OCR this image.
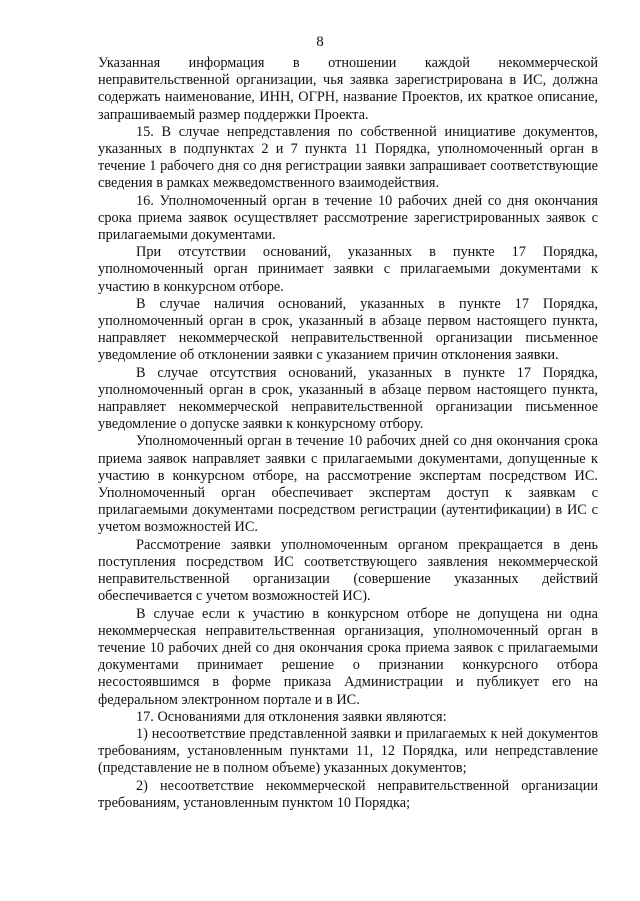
8

Указанная информация в отношении каждой некоммерческой неправительственной организации, чья заявка зарегистрирована в ИС, должна содержать наименование, ИНН, ОГРН, название Проектов, их краткое описание, запрашиваемый размер поддержки Проекта.

15. В случае непредставления по собственной инициативе документов, указанных в подпунктах 2 и 7 пункта 11 Порядка, уполномоченный орган в течение 1 рабочего дня со дня регистрации заявки запрашивает соответствующие сведения в рамках межведомственного взаимодействия.

16. Уполномоченный орган в течение 10 рабочих дней со дня окончания срока приема заявок осуществляет рассмотрение зарегистрированных заявок с прилагаемыми документами.

При отсутствии оснований, указанных в пункте 17 Порядка, уполномоченный орган принимает заявки с прилагаемыми документами к участию в конкурсном отборе.

В случае наличия оснований, указанных в пункте 17 Порядка, уполномоченный орган в срок, указанный в абзаце первом настоящего пункта, направляет некоммерческой неправительственной организации письменное уведомление об отклонении заявки с указанием причин отклонения заявки.

В случае отсутствия оснований, указанных в пункте 17 Порядка, уполномоченный орган в срок, указанный в абзаце первом настоящего пункта, направляет некоммерческой неправительственной организации письменное уведомление о допуске заявки к конкурсному отбору.

Уполномоченный орган в течение 10 рабочих дней со дня окончания срока приема заявок направляет заявки с прилагаемыми документами, допущенные к участию в конкурсном отборе, на рассмотрение экспертам посредством ИС. Уполномоченный орган обеспечивает экспертам доступ к заявкам с прилагаемыми документами посредством регистрации (аутентификации) в ИС с учетом возможностей ИС.

Рассмотрение заявки уполномоченным органом прекращается в день поступления посредством ИС соответствующего заявления некоммерческой неправительственной организации (совершение указанных действий обеспечивается с учетом возможностей ИС).

В случае если к участию в конкурсном отборе не допущена ни одна некоммерческая неправительственная организация, уполномоченный орган в течение 10 рабочих дней со дня окончания срока приема заявок с прилагаемыми документами принимает решение о признании конкурсного отбора несостоявшимся в форме приказа Администрации и публикует его на федеральном электронном портале и в ИС.

17. Основаниями для отклонения заявки являются:

1) несоответствие представленной заявки и прилагаемых к ней документов требованиям, установленным пунктами 11, 12 Порядка, или непредставление (представление не в полном объеме) указанных документов;

2) несоответствие некоммерческой неправительственной организации требованиям, установленным пунктом 10 Порядка;
